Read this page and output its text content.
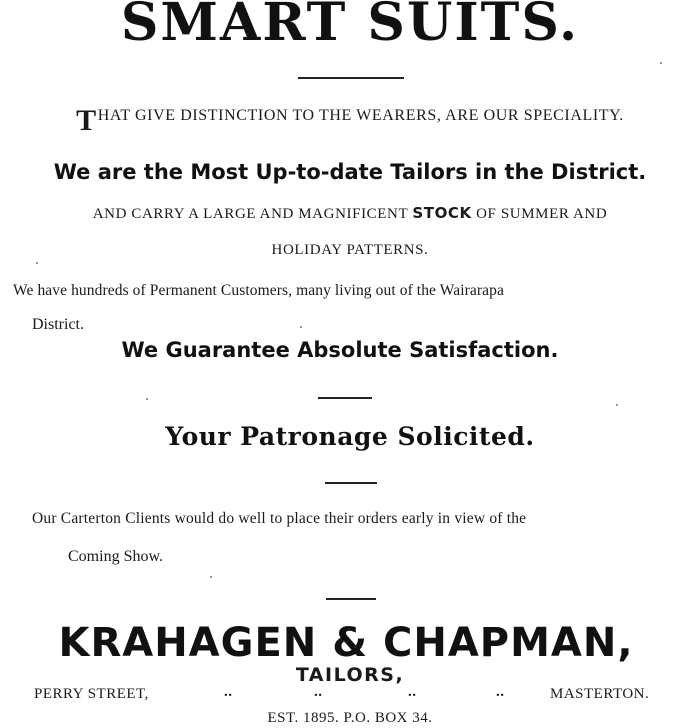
SMART SUITS.
THAT GIVE DISTINCTION TO THE WEARERS, ARE OUR SPECIALITY.
We are the Most Up-to-date Tailors in the District.
AND CARRY A LARGE AND MAGNIFICENT STOCK OF SUMMER AND
HOLIDAY PATTERNS.
We have hundreds of Permanent Customers, many living out of the Wairarapa
District.
We Guarantee Absolute Satisfaction.
Your Patronage Solicited.
Our Carterton Clients would do well to place their orders early in view of the
Coming Show.
KRAHAGEN & CHAPMAN,
TAILORS,
PERRY STREET,	..	..	..	..	MASTERTON.
EST. 1895. P.O. BOX 34.
